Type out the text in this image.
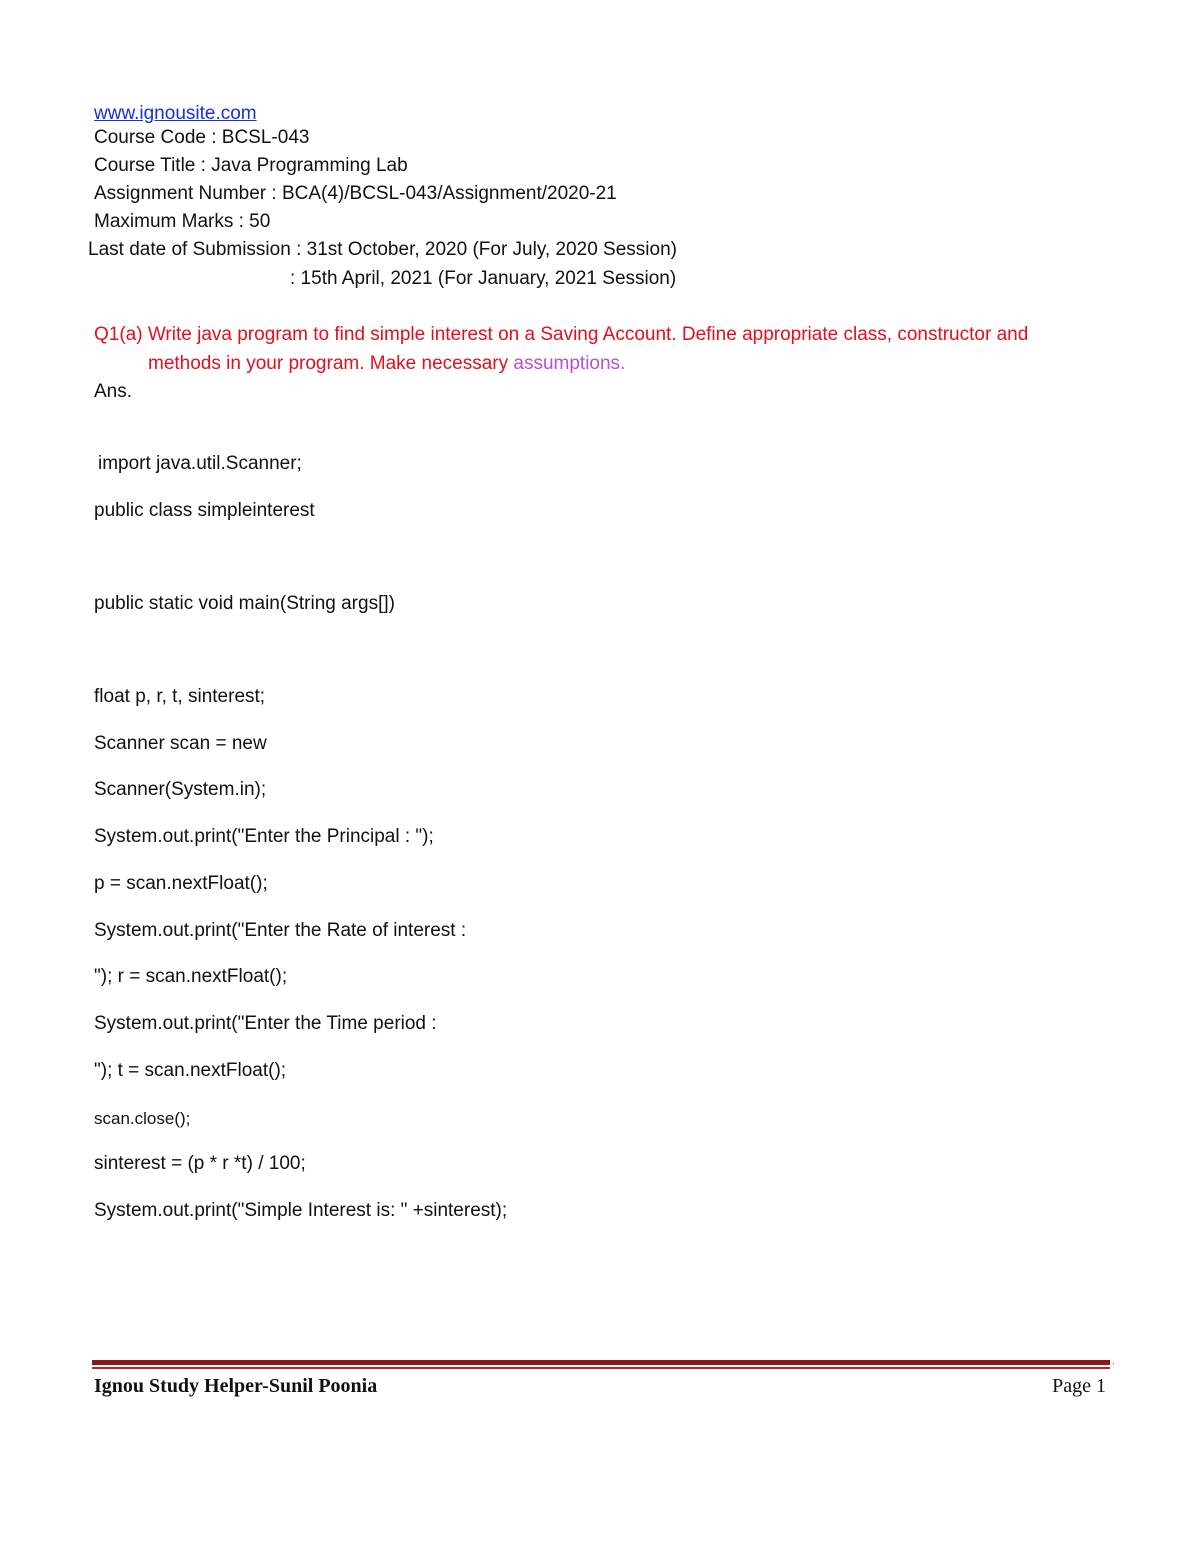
www.ignousite.com
Course Code : BCSL-043
Course Title : Java Programming Lab
Assignment Number : BCA(4)/BCSL-043/Assignment/2020-21
Maximum Marks : 50
Last date of Submission : 31st October, 2020 (For July, 2020 Session)
: 15th April, 2021 (For January, 2021 Session)
Q1(a) Write java program to find simple interest on a Saving Account. Define appropriate class, constructor and
methods in your program. Make necessary assumptions.
Ans.
import java.util.Scanner;
public class simpleinterest
public static void main(String args[])
float p, r, t, sinterest;
Scanner scan = new
Scanner(System.in);
System.out.print("Enter the Principal : ");
p = scan.nextFloat();
System.out.print("Enter the Rate of interest :
"); r = scan.nextFloat();
System.out.print("Enter the Time period :
"); t = scan.nextFloat();
scan.close();
sinterest = (p * r *t) / 100;
System.out.print("Simple Interest is: " +sinterest);
.
Ignou Study Helper-Sunil Poonia	Page 1
